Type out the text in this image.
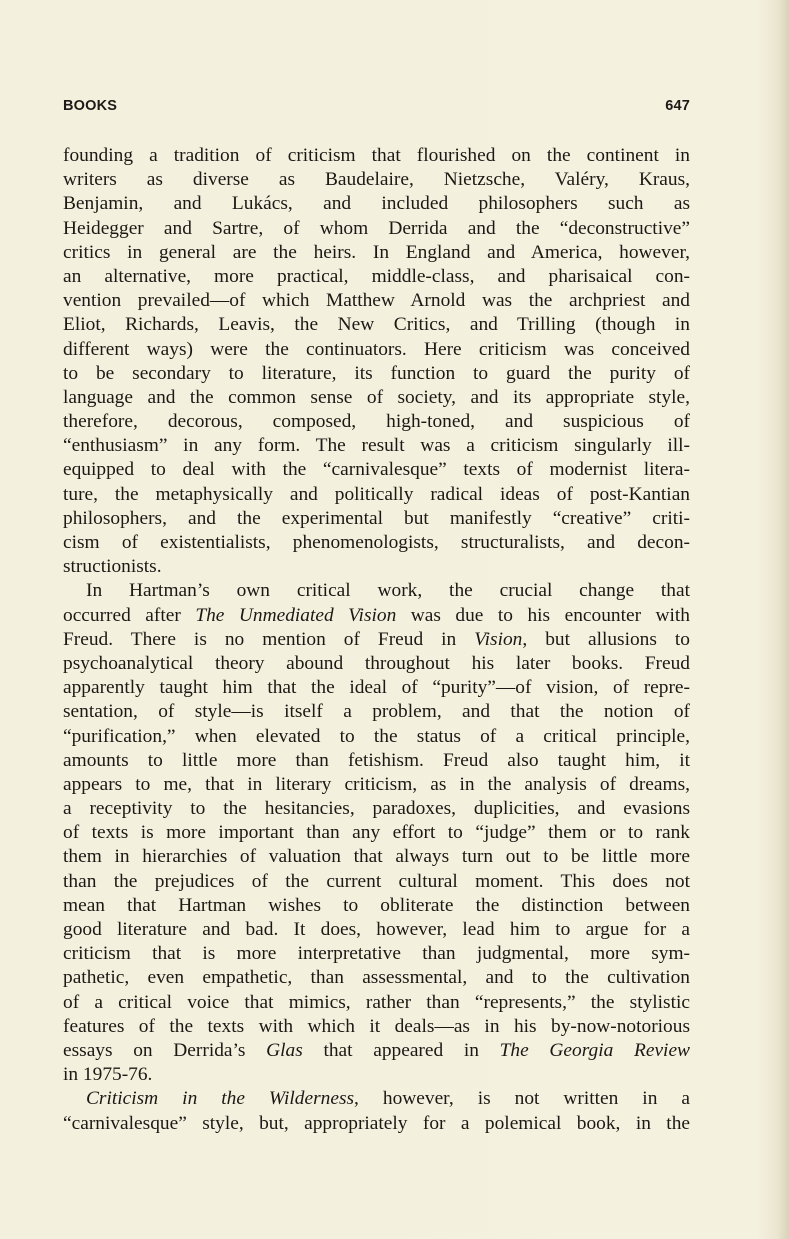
BOOKS	647
founding a tradition of criticism that flourished on the continent in
writers as diverse as Baudelaire, Nietzsche, Valéry, Kraus,
Benjamin, and Lukács, and included philosophers such as
Heidegger and Sartre, of whom Derrida and the “deconstructive”
critics in general are the heirs. In England and America, however,
an alternative, more practical, middle-class, and pharisaical con-
vention prevailed—of which Matthew Arnold was the archpriest and
Eliot, Richards, Leavis, the New Critics, and Trilling (though in
different ways) were the continuators. Here criticism was conceived
to be secondary to literature, its function to guard the purity of
language and the common sense of society, and its appropriate style,
therefore, decorous, composed, high-toned, and suspicious of
“enthusiasm” in any form. The result was a criticism singularly ill-
equipped to deal with the “carnivalesque” texts of modernist litera-
ture, the metaphysically and politically radical ideas of post-Kantian
philosophers, and the experimental but manifestly “creative” criti-
cism of existentialists, phenomenologists, structuralists, and decon-
structionists.
In Hartman’s own critical work, the crucial change that
occurred after The Unmediated Vision was due to his encounter with
Freud. There is no mention of Freud in Vision, but allusions to
psychoanalytical theory abound throughout his later books. Freud
apparently taught him that the ideal of “purity”—of vision, of repre-
sentation, of style—is itself a problem, and that the notion of
“purification,” when elevated to the status of a critical principle,
amounts to little more than fetishism. Freud also taught him, it
appears to me, that in literary criticism, as in the analysis of dreams,
a receptivity to the hesitancies, paradoxes, duplicities, and evasions
of texts is more important than any effort to “judge” them or to rank
them in hierarchies of valuation that always turn out to be little more
than the prejudices of the current cultural moment. This does not
mean that Hartman wishes to obliterate the distinction between
good literature and bad. It does, however, lead him to argue for a
criticism that is more interpretative than judgmental, more sym-
pathetic, even empathetic, than assessmental, and to the cultivation
of a critical voice that mimics, rather than “represents,” the stylistic
features of the texts with which it deals—as in his by-now-notorious
essays on Derrida’s Glas that appeared in The Georgia Review
in 1975-76.
Criticism in the Wilderness, however, is not written in a
“carnivalesque” style, but, appropriately for a polemical book, in the
